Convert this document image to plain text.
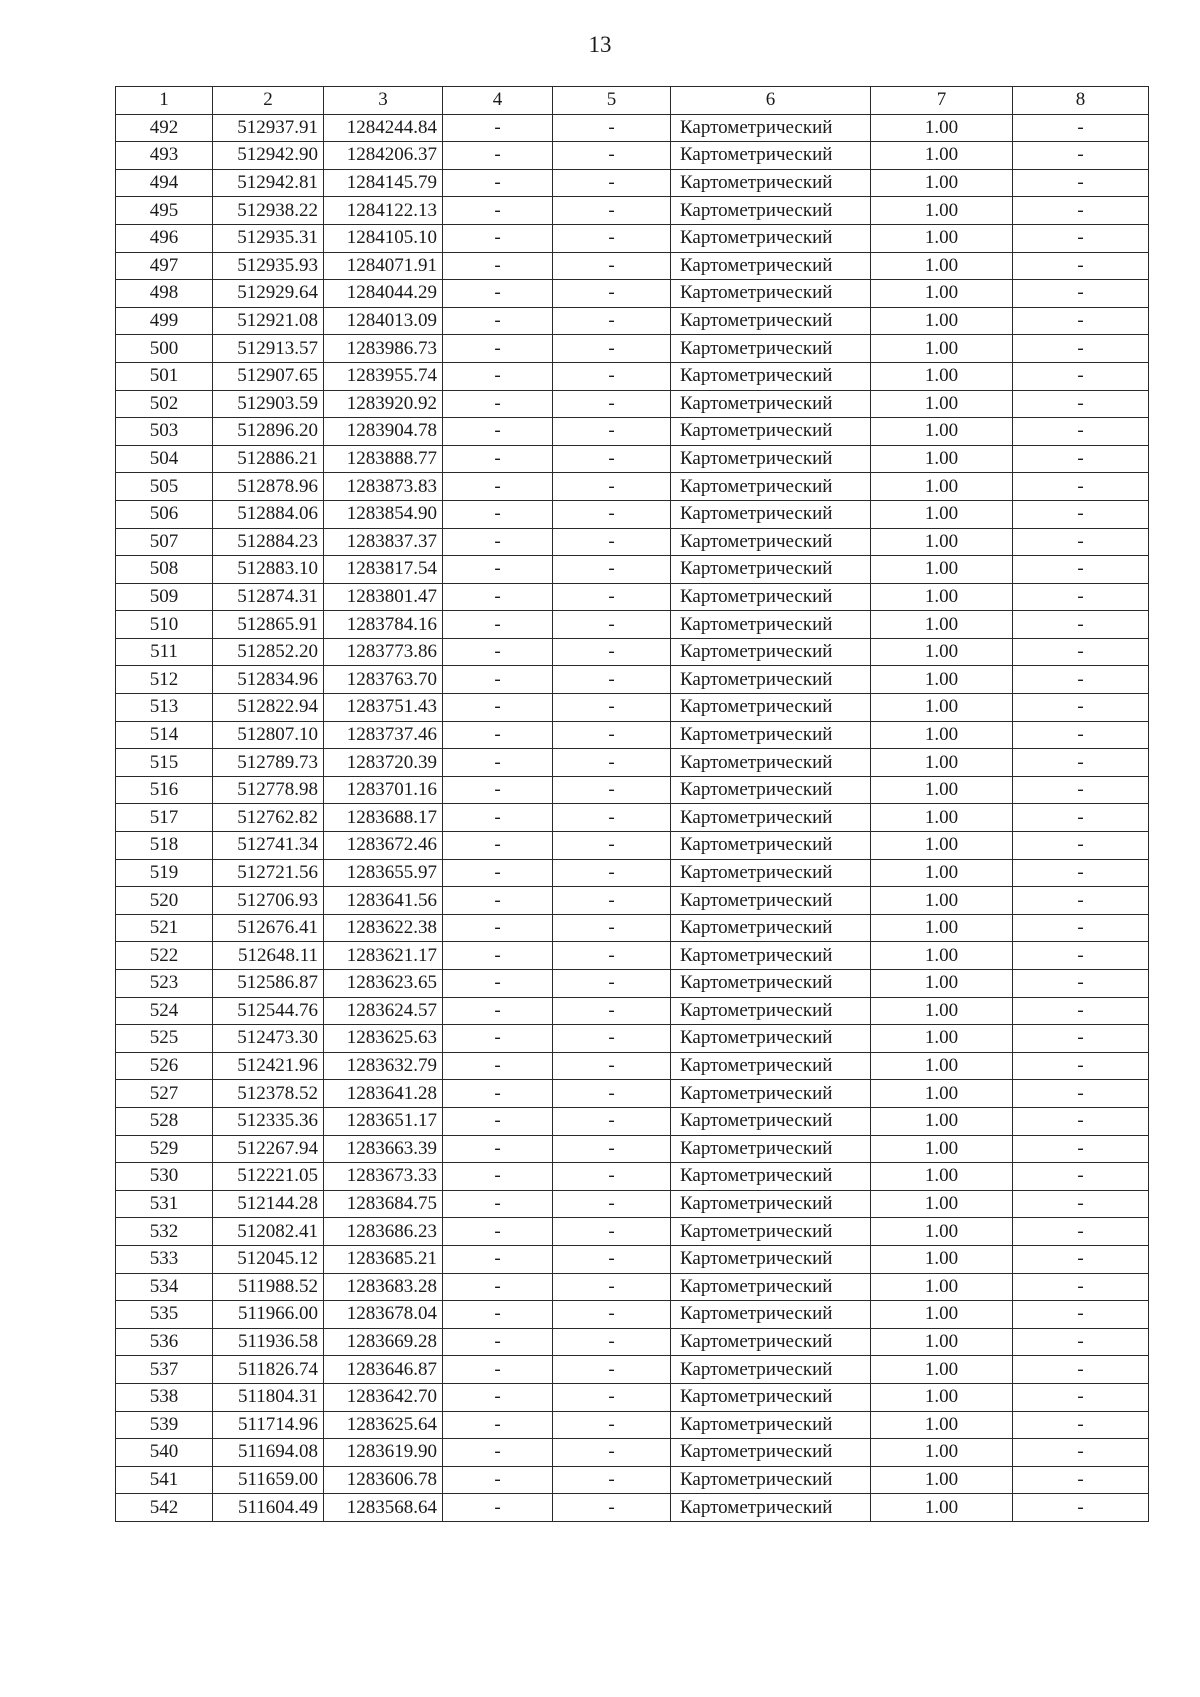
13
1	2	3	4	5	6	7	8
492	512937.91	1284244.84	-	-	Картометрический	1.00	-
493	512942.90	1284206.37	-	-	Картометрический	1.00	-
494	512942.81	1284145.79	-	-	Картометрический	1.00	-
495	512938.22	1284122.13	-	-	Картометрический	1.00	-
496	512935.31	1284105.10	-	-	Картометрический	1.00	-
497	512935.93	1284071.91	-	-	Картометрический	1.00	-
498	512929.64	1284044.29	-	-	Картометрический	1.00	-
499	512921.08	1284013.09	-	-	Картометрический	1.00	-
500	512913.57	1283986.73	-	-	Картометрический	1.00	-
501	512907.65	1283955.74	-	-	Картометрический	1.00	-
502	512903.59	1283920.92	-	-	Картометрический	1.00	-
503	512896.20	1283904.78	-	-	Картометрический	1.00	-
504	512886.21	1283888.77	-	-	Картометрический	1.00	-
505	512878.96	1283873.83	-	-	Картометрический	1.00	-
506	512884.06	1283854.90	-	-	Картометрический	1.00	-
507	512884.23	1283837.37	-	-	Картометрический	1.00	-
508	512883.10	1283817.54	-	-	Картометрический	1.00	-
509	512874.31	1283801.47	-	-	Картометрический	1.00	-
510	512865.91	1283784.16	-	-	Картометрический	1.00	-
511	512852.20	1283773.86	-	-	Картометрический	1.00	-
512	512834.96	1283763.70	-	-	Картометрический	1.00	-
513	512822.94	1283751.43	-	-	Картометрический	1.00	-
514	512807.10	1283737.46	-	-	Картометрический	1.00	-
515	512789.73	1283720.39	-	-	Картометрический	1.00	-
516	512778.98	1283701.16	-	-	Картометрический	1.00	-
517	512762.82	1283688.17	-	-	Картометрический	1.00	-
518	512741.34	1283672.46	-	-	Картометрический	1.00	-
519	512721.56	1283655.97	-	-	Картометрический	1.00	-
520	512706.93	1283641.56	-	-	Картометрический	1.00	-
521	512676.41	1283622.38	-	-	Картометрический	1.00	-
522	512648.11	1283621.17	-	-	Картометрический	1.00	-
523	512586.87	1283623.65	-	-	Картометрический	1.00	-
524	512544.76	1283624.57	-	-	Картометрический	1.00	-
525	512473.30	1283625.63	-	-	Картометрический	1.00	-
526	512421.96	1283632.79	-	-	Картометрический	1.00	-
527	512378.52	1283641.28	-	-	Картометрический	1.00	-
528	512335.36	1283651.17	-	-	Картометрический	1.00	-
529	512267.94	1283663.39	-	-	Картометрический	1.00	-
530	512221.05	1283673.33	-	-	Картометрический	1.00	-
531	512144.28	1283684.75	-	-	Картометрический	1.00	-
532	512082.41	1283686.23	-	-	Картометрический	1.00	-
533	512045.12	1283685.21	-	-	Картометрический	1.00	-
534	511988.52	1283683.28	-	-	Картометрический	1.00	-
535	511966.00	1283678.04	-	-	Картометрический	1.00	-
536	511936.58	1283669.28	-	-	Картометрический	1.00	-
537	511826.74	1283646.87	-	-	Картометрический	1.00	-
538	511804.31	1283642.70	-	-	Картометрический	1.00	-
539	511714.96	1283625.64	-	-	Картометрический	1.00	-
540	511694.08	1283619.90	-	-	Картометрический	1.00	-
541	511659.00	1283606.78	-	-	Картометрический	1.00	-
542	511604.49	1283568.64	-	-	Картометрический	1.00	-
